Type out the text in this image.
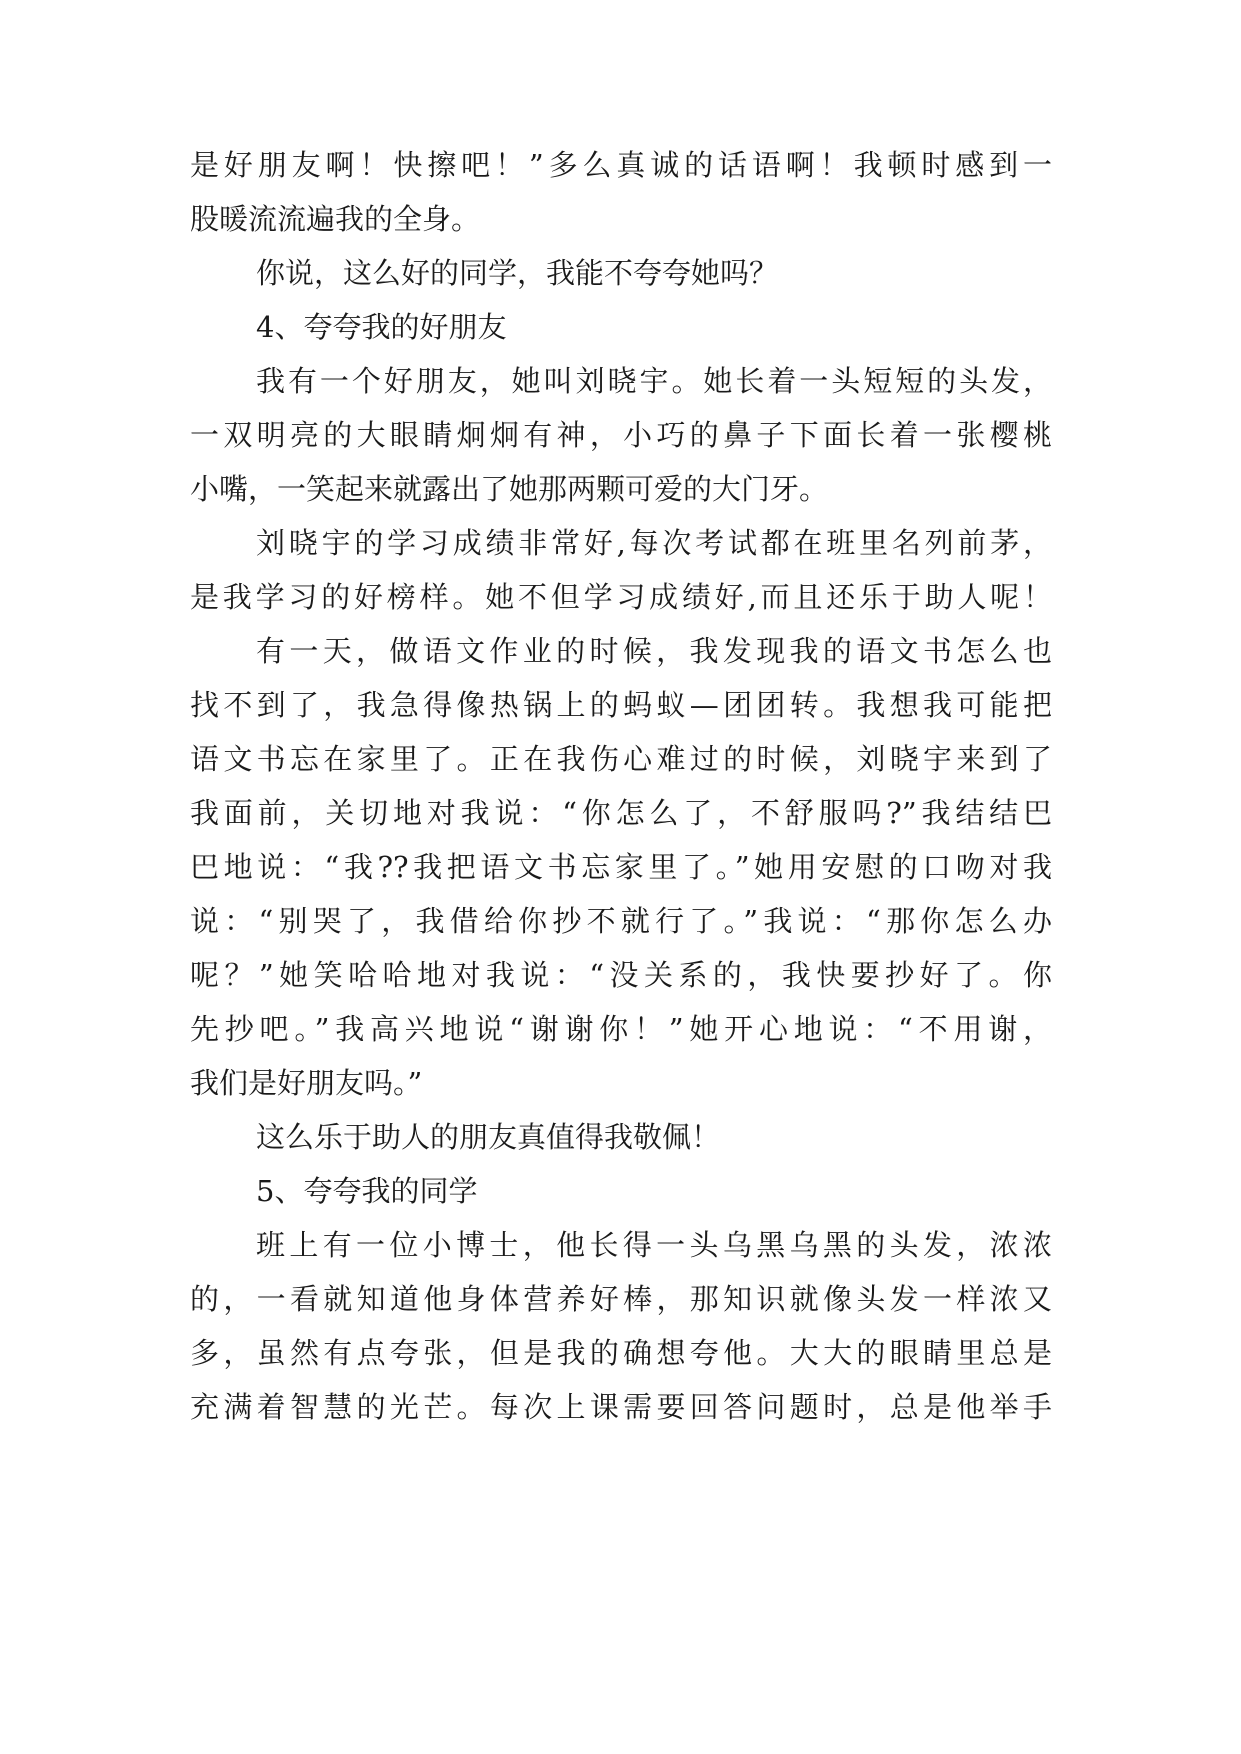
是好朋友啊！快擦吧！”多么真诚的话语啊！我顿时感到一

股暖流流遍我的全身。

你说，这么好的同学，我能不夸夸她吗？

4、夸夸我的好朋友

我有一个好朋友，她叫刘晓宇。她长着一头短短的头发，

一双明亮的大眼睛炯炯有神，小巧的鼻子下面长着一张樱桃

小嘴，一笑起来就露出了她那两颗可爱的大门牙。

刘晓宇的学习成绩非常好,每次考试都在班里名列前茅，

是我学习的好榜样。她不但学习成绩好,而且还乐于助人呢！

有一天，做语文作业的时候，我发现我的语文书怎么也

找不到了，我急得像热锅上的蚂蚁—团团转。我想我可能把

语文书忘在家里了。正在我伤心难过的时候，刘晓宇来到了

我面前，关切地对我说：“你怎么了，不舒服吗?”我结结巴

巴地说：“我??我把语文书忘家里了。”她用安慰的口吻对我

说：“别哭了，我借给你抄不就行了。”我说：“那你怎么办

呢？”她笑哈哈地对我说：“没关系的，我快要抄好了。你

先抄吧。”我高兴地说“谢谢你！”她开心地说：“不用谢，

我们是好朋友吗。”

这么乐于助人的朋友真值得我敬佩！

5、夸夸我的同学

班上有一位小博士，他长得一头乌黑乌黑的头发，浓浓

的，一看就知道他身体营养好棒，那知识就像头发一样浓又

多，虽然有点夸张，但是我的确想夸他。大大的眼睛里总是

充满着智慧的光芒。每次上课需要回答问题时，总是他举手
